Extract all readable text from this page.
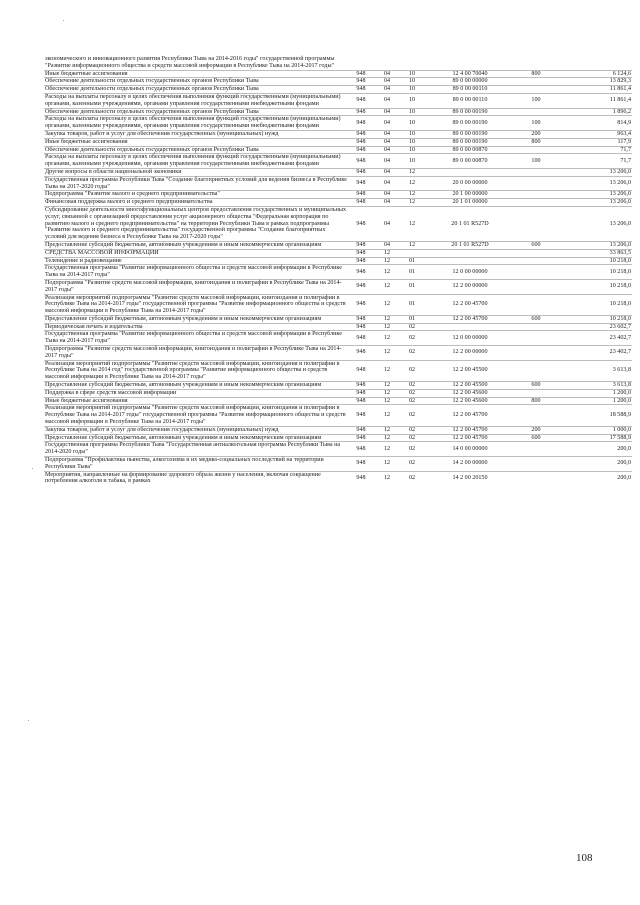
экономического и инновационного развития Республики Тыва на 2014-2016 годы" государственной программы "Развитие информационного общества и средств массовой информации в Республике Тыва на 2014-2017 годы"						
Иные бюджетные ассигнования	948	04	10	12 4 00 70040	800	6 124,6
Обеспечение деятельности отдельных государственных органов Республики Тыва	948	04	10	89 0 00 00000		13 829,3
Обеспечение деятельности отдельных государственных органов Республики Тыва	948	04	10	89 0 00 00110		11 861,4
Расходы на выплаты персоналу в целях обеспечения выполнения функций государственными (муниципальными) органами, казенными учреждениями, органами управления государственными внебюджетными фондами	948	04	10	89 0 00 00110	100	11 861,4
Обеспечение деятельности отдельных государственных органов Республики Тыва	948	04	10	89 0 00 00190		1 896,2
Расходы на выплаты персоналу в целях обеспечения выполнения функций государственными (муниципальными) органами, казенными учреждениями, органами управления государственными внебюджетными фондами	948	04	10	89 0 00 00190	100	814,9
Закупка товаров, работ и услуг для обеспечения государственных (муниципальных) нужд	948	04	10	89 0 00 00190	200	963,4
Иные бюджетные ассигнования	948	04	10	89 0 00 00190	800	117,9
Обеспечение деятельности отдельных государственных органов Республики Тыва	948	04	10	89 0 00 00870		71,7
Расходы на выплаты персоналу в целях обеспечения выполнения функций государственными (муниципальными) органами, казенными учреждениями, органами управления государственными внебюджетными фондами	948	04	10	89 0 00 00870	100	71,7
Другие вопросы в области национальной экономики	948	04	12			13 206,0
Государственная программа Республики Тыва "Создание благоприятных условий для ведения бизнеса в Республике Тыва на 2017-2020 годы"	948	04	12	20 0 00 00000		13 206,0
Подпрограмма "Развитие малого и среднего предпринимательства"	948	04	12	20 1 00 00000		13 206,0
Финансовая поддержка малого и среднего предпринимательства	948	04	12	20 1 01 00000		13 206,0
Субсидирование деятельности многофункциональных центров предоставления государственных и муниципальных услуг, связанной с организацией предоставления услуг акционерного общества "Федеральная корпорация по развитию малого и среднего предпринимательства" на территории Республики Тыва в рамках подпрограммы "Развитие малого и среднего предпринимательства" государственной программы "Создание благоприятных условий для ведения бизнеса в Республике Тыва на 2017-2020 годы"	948	04	12	20 1 01 R527D		13 206,0
Предоставление субсидий бюджетным, автономным учреждениям и иным некоммерческим организациям	948	04	12	20 1 01 R527D	600	13 206,0
СРЕДСТВА МАССОВОЙ ИНФОРМАЦИИ	948	12				33 863,5
Телевидение и радиовещание	948	12	01			10 218,0
Государственная программа "Развитие информационного общества и средств массовой информации в Республике Тыва на 2014-2017 годы"	948	12	01	12 0 00 00000		10 218,0
Подпрограмма "Развитие средств массовой информации, книгоиздания и полиграфии в Республике Тыва на 2014-2017 годы"	948	12	01	12 2 00 00000		10 218,0
Реализация мероприятий подпрограммы "Развитие средств массовой информации, книгоиздания и полиграфии в Республике Тыва на 2014-2017 годы" государственной программы "Развитие информационного общества и средств массовой информации в Республике Тыва на 2014-2017 годы"	948	12	01	12 2 00 45700		10 218,0
Предоставление субсидий бюджетным, автономным учреждениям и иным некоммерческим организациям	948	12	01	12 2 00 45700	600	10 218,0
Периодическая печать и издательства	948	12	02			23 602,7
Государственная программа "Развитие информационного общества и средств массовой информации в Республике Тыва на 2014-2017 годы"	948	12	02	12 0 00 00000		23 402,7
Подпрограмма "Развитие средств массовой информации, книгоиздания и полиграфии в Республике Тыва на 2014-2017 годы"	948	12	02	12 2 00 00000		23 402,7
Реализация мероприятий подпрограммы "Развитие средств массовой информации, книгоиздания и полиграфии в Республике Тыва на 2014 год" государственной программы "Развитие информационного общества и средств массовой информации в Республике Тыва на 2014-2017 годы"	948	12	02	12 2 00 45500		3 613,8
Предоставление субсидий бюджетным, автономным учреждениям и иным некоммерческим организациям	948	12	02	12 2 00 45500	600	3 613,8
Поддержка в сфере средств массовой информации	948	12	02	12 2 00 45600		1 200,0
Иные бюджетные ассигнования	948	12	02	12 2 00 45600	800	1 200,0
Реализация мероприятий подпрограммы "Развитие средств массовой информации, книгоиздания и полиграфии в Республике Тыва на 2014-2017 годы" государственной программы "Развитие информационного общества и средств массовой информации в Республике Тыва на 2014-2017 годы"	948	12	02	12 2 00 45700		18 588,9
Закупка товаров, работ и услуг для обеспечения государственных (муниципальных) нужд	948	12	02	12 2 00 45700	200	1 000,0
Предоставление субсидий бюджетным, автономным учреждениям и иным некоммерческим организациям	948	12	02	12 2 00 45700	600	17 588,9
Государственная программа Республики Тыва "Государственная антиалкогольная программа Республики Тыва на 2014-2020 годы"	948	12	02	14 0 00 00000		200,0
Подпрограмма "Профилактика пьянства, алкоголизма и их медико-социальных последствий на территории Республики Тыва"	948	12	02	14 2 00 00000		200,0
Мероприятия, направленные на формирование здорового образа жизни у населения, включая сокращение потребления алкоголя и табака, в рамках	948	12	02	14 2 00 20150		200,0
108
